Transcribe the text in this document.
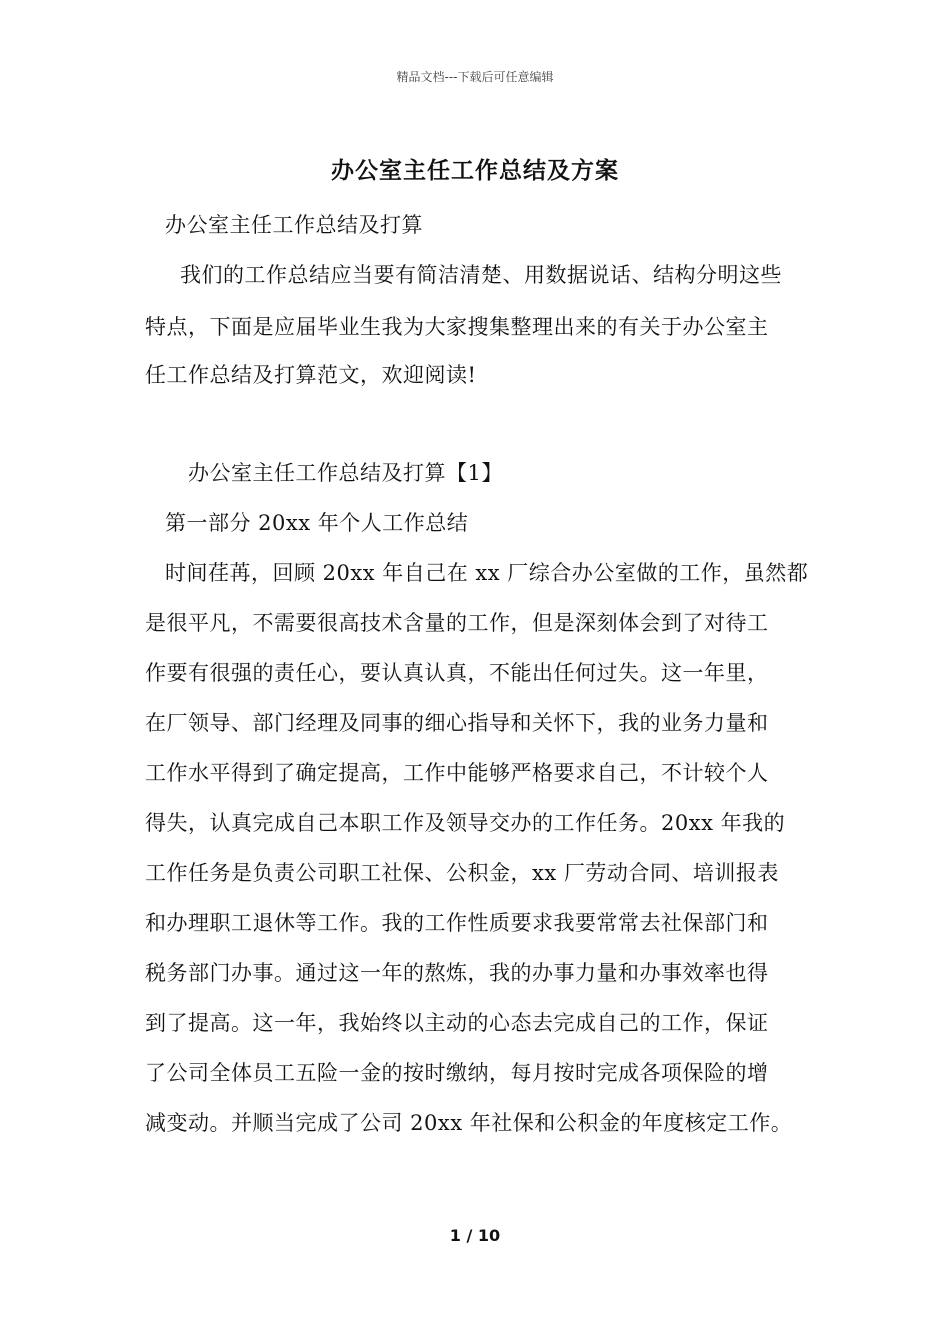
精品文档---下载后可任意编辑
办公室主任工作总结及方案
办公室主任工作总结及打算
我们的工作总结应当要有简洁清楚、用数据说话、结构分明这些
特点，下面是应届毕业生我为大家搜集整理出来的有关于办公室主
任工作总结及打算范文，欢迎阅读!
办公室主任工作总结及打算【1】
第一部分 20xx 年个人工作总结
时间荏苒，回顾 20xx 年自己在 xx 厂综合办公室做的工作，虽然都
是很平凡，不需要很高技术含量的工作，但是深刻体会到了对待工
作要有很强的责任心，要认真认真，不能出任何过失。这一年里，
在厂领导、部门经理及同事的细心指导和关怀下，我的业务力量和
工作水平得到了确定提高，工作中能够严格要求自己，不计较个人
得失，认真完成自己本职工作及领导交办的工作任务。20xx 年我的
工作任务是负责公司职工社保、公积金，xx 厂劳动合同、培训报表
和办理职工退休等工作。我的工作性质要求我要常常去社保部门和
税务部门办事。通过这一年的熬炼，我的办事力量和办事效率也得
到了提高。这一年，我始终以主动的心态去完成自己的工作，保证
了公司全体员工五险一金的按时缴纳，每月按时完成各项保险的增
减变动。并顺当完成了公司 20xx 年社保和公积金的年度核定工作。
1 / 10
